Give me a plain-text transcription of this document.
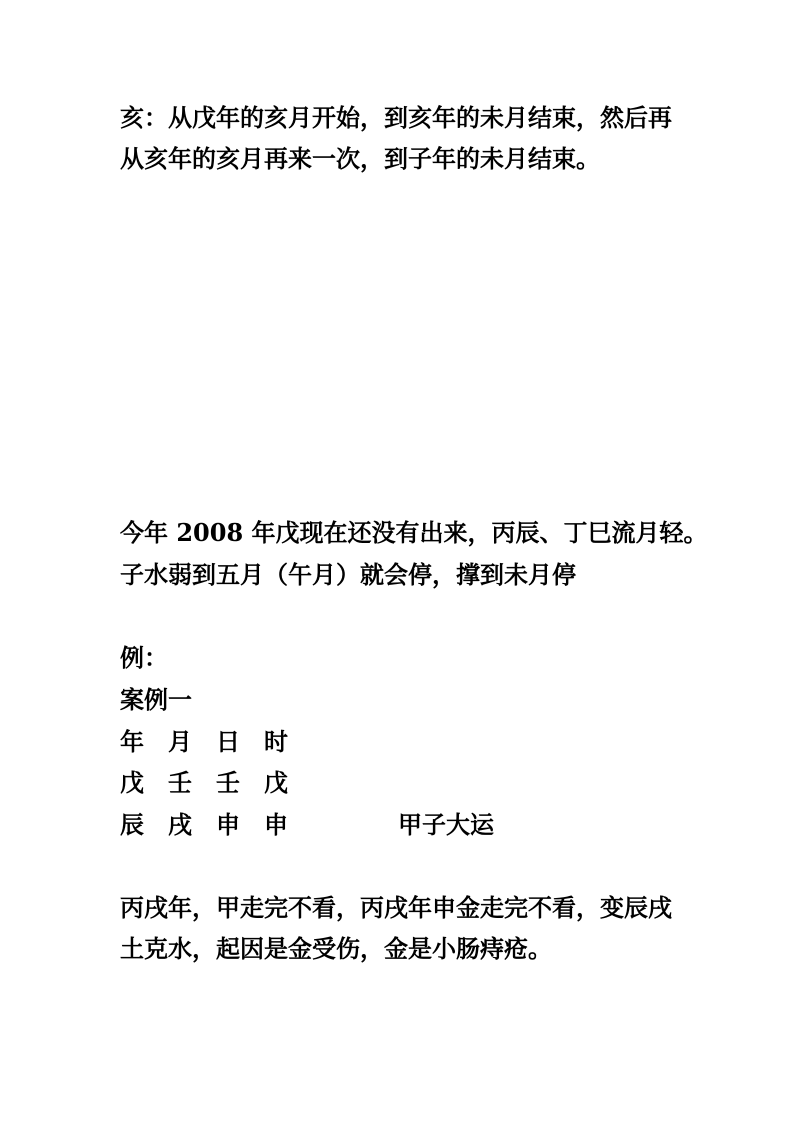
亥：从戊年的亥月开始，到亥年的未月结束，然后再
从亥年的亥月再来一次，到子年的未月结束。
今年 2008 年戊现在还没有出来，丙辰、丁巳流月轻。
子水弱到五月（午月）就会停，撑到未月停
例：
案例一
年 月 日 时
戊 壬 壬 戊
辰 戌 申 申	甲子大运
丙戌年，甲走完不看，丙戌年申金走完不看，变辰戌
土克水，起因是金受伤，金是小肠痔疮。
